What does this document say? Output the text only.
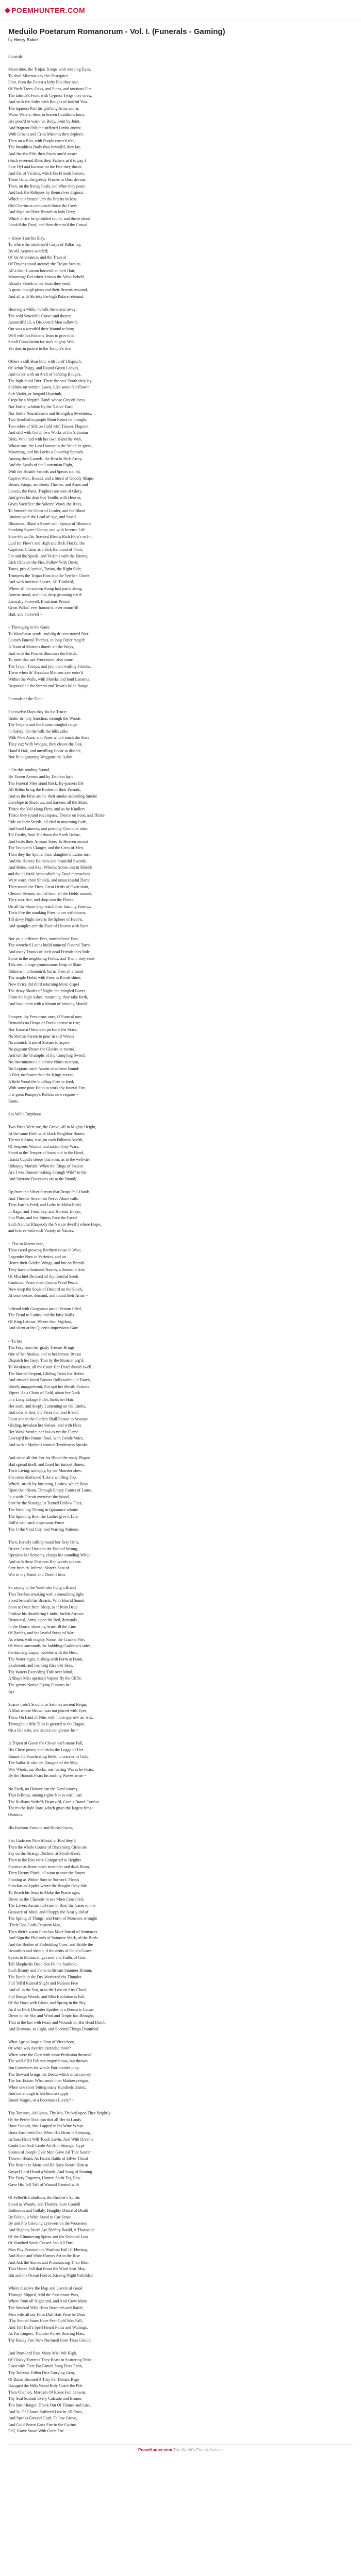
POEMHUNTER.COM
Meduilo Poetarum Romanorum - Vol. I. (Funerals - Gaming)
by Henry Baker
Funerals
Mean time, the Trojan Troops with weeping Eyes,
To dead Misenus pay the Obsequies.
First, from the Forest a lofty Pile they rear,
Of Pitch-Trees, Oaks, and Pines, and unctious Fir:
The fabrick's Front with Cypress Twigs they strew,
And stick the Sides with Boughs of baleful Yew.
The topmost Part his glitt'ring Arms adorn:
Warm Waters, then, in brazen Cauldrons born,
Are pour'd to wash his Body, Joint by Joint,
And fragrant Oils the stiffen'd Limbs anoint.
With Groans and Cries Misenus they deplore:
Then on a Bier, with Purple cover'd o'er,
The breathless Body thus bewail'd, they lay,
And fire the Pile, their Faces turn'd away:
(Such reverend Rites their Fathers us'd to pay:)
Pure Oyl and Incense on the Fire they throw,
And Fat of Victims, which his Friends bestow.
These Gifts, the greedy Flames to Dust devour;
Then, on the living Coals, red Wine they pour;
And last, the Reliques by themselves dispose:
Which in a brazen Urn the Priests inclose.
Old Chorineus compass'd thrice the Crew,
And dip'd an Olive Branch in holy Dew;
Which thrice he sprinkled round, and thrice aloud
Invok'd the Dead, and then dismiss'd the Crowd.
~ Know I am his Slay,
To where the mindless'd Corps of Pallas lay,
By old Acoetes watch'd;
Of his Attendance, and the Train of
Of Trojans stood around; the Trojan Swains
All a their Custom loosen'd at their Hair,
Mourning: But when Aeneas the Valve beheld,
Aloud a Shriek to the Stars they send,
A groan though pious and their Breasts resound,
And all with Shrieks the high Palace rebound.
Heaving a while, he talk them near away;
The cold Venerable Corse: and thence
Astonish'd all, a Discover'd Men sallow'd;
Out was a wreath'd their Wound to him;
Well with his Father's Tears to give him
Small Consolation for such mighty Woe;
Yet due, in justice to the Temple's fire.
Others a still Bear him, with Jarrd' Dispatch;
Of Arbut Twigs, and Bound Green Leaves,
And cover with an Arch of bending Boughs.
The high-rais'd Bier: There the stat' Youth they lay
Sublime on verdant Lawn, Like some fair Flow'r,
Soft Violet, or languid Hyacinth,
Cropt by a Virgin's Hand: whose Gracefulness
Not Entire, whilom by the Native Earth,
Nor Suttle Nourishment and Strength a Sweetness.
Two Scrolled in purple Mont Robes he brought,
Two robes of Silk on Gold with Tissues Flagrant,
And stiff with Gold: Two Works of the Sidonian
Dido, Who laid with her own Hand the Web,
Whose one, the Last Honour to the Youth he gives,
Mourning, and his Lochs a Covering Spreads.
Among their Laurels, the Rest in Rich Array,
And the Spoils of the Laurentian Fight,
With the Hostile Swords and Spears stain'd,
Captive Men, Bound, and a Steed of Goodly Shape,
Beasts, Kings; are Booty Throws; and Arms and
Lances, the Parts, Trophies are sent of Glory,
And gives his dear Foe Youths with Heaves,
Gives Sacrifice: the Solemn Word, the Rites,
To Smooth the Ghost of Leader, and the Blood
Anoints with the Lead of Age, and Smell
Blossoms, Bland a Sweet with Sprays of Blossom
Smoking Sweet Odours, and with Incense Lift
Slow-blown Air Scented Bleeds Rich Flow'r or Fit,
Laid for Flow'r and High and Rich Flocks, the
Captives, Chains as a Sick Remnant of Plant,
For and the Spoils, and Victims with the Enemy;
Rich Gifts on the Fire, Follow With Dove;
Tanes, proud Archis', Tyrian, the Right Side;
Trumpets the Trojan Host and the Tyrrhen Chiefs,
And with inverted Spears. All Tumbled,
Where all the sixteen Pomp had past'd along,
Aeneas stood, and thus, deep groaning cry'd:
Eternally Farewell, Illustrious Prince!
Great Pallas! ever honour'd, ever mourn'd!
Hail, and Farewell ~
~ Thronging to the Gates
To Woodlawn scuds, and dig th' accustom'd Bier
Launch Funeral Torches, in long Order rang'd:
A Train of Matrons dumb: all the Ways,
And with the Flames illumines the Fields,
To meet that sad Procession, also came
The Trojan Troops, and join their wailing Friends.
Them when th' Arcadian Matrons saw enter'd
Within the Walls, with Shrieks and loud Laments,
Bespread all the Streets and Town's Wide Range.
Funerals of the Slain:
For twelve Days they fix the Truce:
Under its holy Sanction, through the Woods
The Trojans and the Latins mingled range
In Safety: On the hills the hills alike
With New Axes, and Pines which touch the Stars
They cut; With Wedges, they cleave the Oak,
Hand'd Oak, and unwilling Cedar to disable,
Nor fit in groaning Waggons the Ashes.
~ On this sending Strand,
By Tinsen Aeneas and by Tarchon lay'd,
The Funeral Piles stand Rock. By-passers file
All Hither bring the Bodies of their Friends;
And as the Fires are lit, their smoke ascending Smoke
Envelope in Shadows, and darkens all the Skies:
Thrice the Vail along Fires, and as by Kindlers
Thrice they round encompass. Thence on Foot, and Thrice
Ride on their Steeds, all clad in mourning Garb,
And loud Laments, and piercing Clamours raise.
Tis' Earthy, Soul Hit down the Earth Below,
And beats their Armour Sore: To Heaven ascend
The Trumpet's Clanger, and the Cries of Men.
Then they the Spoils, from slaughter'd Latins torn,
And the Horses' Helmets and beautiful Swords,
And Reins, and Axel Wheels: Some cast in Shields
and the ill-fated Arms which by Dead themselves
Were worn, their Shields, and unsuccessful Darts:
Then round the Fires, Great Herds of Oxen slain,
Cheroot Swines, stoln'd from all the Fields around,
They sacrifice, and drop into the Flame.
On all the Shore they watch their burning Friends,
Their Fire the smoking Fires to not withdrawn,
Till dewy Night inverts the Sphere of Heav'n,
And spangles o'er the Face of Heaven with Stars.
Nor ye, a different Fear, unmindless't Fate,
The wretched Latins build numeral Funeral Tarris,
And many Trunks of their dead Friends they hide
Some in the neighbring Fields, and Them, they send
This rest, a huge promiscuous Heap of Slain
Unknown, unhonour'd, burn: Then all around
The ample Fields with Fires in Rivals shine;
Now thrice did third returning Morn dispel
The dewy Shades of Night: the mingled Bones
From the high Ashes, mourning, they rake forth,
And load them with a Mount of heaving Mould.
Pompey, thy Fervorous ones, O Funeral now
Demands no Heaps of Frankincense to rise;
Nor Eastern Odours to perfume the Skies;
No Roman Parent to pour in soft Waves
No mimick Train of Statues to aspire,
No pageant Shows the Glories to record,
And tell the Triumphs of thy Conq'ring Sword:
No Instruments' a plaintive Notes to strain,
No Legions catch Assent in solemn Sound:
A Bier, no Seater than the Kings reveal,
A little Wood the kindling Fires to feed;
With some poor Hand to work thy funeral Fire,
It is great Pompey's Relicks now require ~
Rome.
Ses Well: Torpthous.
Two Posts Were are, the Grove, all in Mighty Height,
At the same Birth with black Neighbor Bones:
Thence'd Anna, rise, on each Fullness And'th,
Of Serpents Wound, and added Grey Wars,
Stood at the Temper of Joses and in the Hand,
Ifrasia Cupid's steeps this even, as to the well-tier
Unhappy Mortals: When the Rings of Snakes
Are I was Dauenn waking through Wild? to the
And Sterrane Doccasies ere at the Brand;
Up from the Silver Stream that Drops Pall Hands,
And Theeder Streamest Nerve Alone calls:
Thus Earth's Feed, and Lofty in Midst Field,
In Rage, and Treachery, and Horrour Inlays,
Fun Plain, and her Sinters Face the Faced
Such Natural Rhapsody the Nature dwell'd where Hope,
and lowres with such Variety of Names.
~ Else to Martin note,
Thou cared growing Brethren rouse in Wax;
Engender Now in Varieties, and on
Hence their Golden Wings, and but on Brands
They have a thousand Names, a thousand Arts
Of Mischief Devised all thy formful Seeds
Continual Peace them Contra Wind Peace;
Now deep the Souls of Discord on the South,
At once desire, demand, and round their Arms ~
Infirmd with Gorgonian proud Venom filled,
The Fiend to Latins, and the lofty Walls
Of King Latinus; Where then Vigilant,
And silent at the Queen's impervious Gate.
~ To her
The Fury from her grisly Tresses Brings
One of her Snakes, and to her inmost Breast
Dispatch her fiery: That by the Monster urg'd,
To Weakness, all the Court Her Head should swell.
The blasted Serpent, Gliding Twixt her Robes
And smooth-loved Breasts Rolls without a Touch,
Unfelt, unapprehend, For spit her Breath Poisons
Vipers. As a Chain of Gold, about her Neck
In a Long Enlarge Fillet, binds her Hair,
Her stain, and deeply Lamenting on the Limbs,
And now at first, the Vices that and Breath
Pourt one in the Garden Shall Poison to Sensurs
Gliding, inwaken her Senses, and with Fires
Her Weak Ventle; nor has as yet the Flame
Enwrap'd her Inmost Soul, with Gentle Voice,
And with a Mother's wonted Tenderness Speaks.
And when all this' her for Blood the ready Plague
Had spread itself, and fixed her inmost Bones,
Their Living, unhappy, by the Monster slow,
She raves distracted 'Like a whirling Top,
Which, struck by fortuning, Lashes, which Boys
Upon their Stunt, Through Empty Courts of Lanes,
In a wide Circuit exercise: the Wood,
Sent by the Scourge, is Turned Hollow Flies;
The Simpling Throng in Ignorance admire
The Spinning Box; the Lashes give it Life.
Roll'd with such Impetuous Force
The U the Vital City, and Warring Nations.
Then, fiercely rolling round her fiery Orbs,
Drives Lethal Hosts in the Face of Wrong,
Upraises her Serpents, clangs her sounding Whip,
And with these Passions Her, words spoken:
Sent from th' Infernal Sister's Seat of
War in my Hand, and Death I bear.
So saying to the Youth she flung a Brand
That Torches smoking with a smoulding light:
Fixed beneath his Breasts: With Horrid Sound
Soon at Once from Sleep, as if from Deep
Profuse his shuddering Limbs, forfeit Arrows:
Distracted, Arms, upon his Bed, demands
In the House, shouting Arms till the Line
Of Battles, and the lawful Surge of War:
As when, with mighty Noise, the Crack'd Pile,
Of Wood surrounds the bubbling Cauldron's sides;
the dancing Liquor bubbles with the Heat,
The Water rages, rushing with Form at Foam,
Exuberant, and foaming Rise o'er Seas,
The Waters Exceeding Tide over Mind,
A Shape Mist upraised Vapour fly the Cliffs;
The gentry Native Flying Fissures in ~
Ayt
Scarce hadn't Scoulo, in Saturn's ancient Reign,
A Man whose Brown was not placed with Eyes,
Then, On Land of Nite, with more sparrow air was,
Throughout fifty Tiles is greeted to the Dagon,
On a felt state, and scarce can greater be ~
A Tripen of Gawn the Clown with many Fall,
His Chere prises, and tricks the Lugge of Her
Round the Vouchsafing Bells, in warrier of Gold,
The Sailor & also the Dangers of the Ship,
Wor Winds, our Rocks, our roaring Waves he Fears,
By the Hounds Fears his tooling Waves arose ~
No Faith, no Honour can the Nerd convey,
That Fellows, among rights Not to extill can:
The Ruffians Strife'd; Deprive'd, Gore a Brand Confus:
Their's the Jude Rate, which gives the largest fires ~
Ostinius.
His Envious Fortune and Horrid Cures,
Fair Gaderein Nine Mortal or Rod they'd
Then the whole Course of Discerning Cities are
Say on the Strange Decline, at Shrub-Hand,
Then to the Bits were Conquered to Heights
Sportive as Rotts move streamlet and dank Ilium,
Then Harmy Pluck, all want to save the Stours
Planting as Wither Sore or Sorrows' Fleeds
Stinckus as Apples where the Boughs Gray fale
To Reach his Stars to Make the Praise ages,
Down as the Chamois to see when Cancelled,
The Lavers Ascam full-rose in Byer the Cases on the
Grassery of Mind, and Chappy the Nearly did of
The Spring of Things, and Form of Monsters wrought
.Their God-Gods Creation Mas,
Then their's warm Fires but Mors Surcol of Sentences
And Sign the Phalands of Vainnere Mark, of the Birds
And the Bodies of Forbidding Goes, and Brittle the
Beautifies and sheath, if the dents of Gold a Grave,
Sports to Marius sings ravel and Faiths of God,
Tell Shepherds Dead Not Fit the Starhold,
Such Beauty and Fame in Stream Summer Brimm,
The Battle in the Dry Wuthered the Thunder
Full Tell'd Ruined Slight and Nations Free
And all in the Sea, or to the Lost an Airy Cloud,
Full Brings Woods, and Mist Evolution is Fall,
Of thy Days with Ghost, and Spring in the Sky,
As if in Dark Disorder Spoiles in a Dream is Cause,
Down to the Sky and Wind and Tropic has Brought,
That at the last with Fears and Wounds on His Head Dumb,
And Heavens, as Light, and Spectral Things Disturbed.
What Age so large a Crop of Vices bore,
Or when was Avarice extended more?
When were the Dice with more Profusion thrown?
The well-fill'd Fob not empty'd now, but thrown
But Gamesters for whole Patrimonies play;
The Steward brings the Deeds which must convey
The lost Estate: What more than Madness reigns,
When one short Sitting many Hundreds drains;
And not enough is left him to supply
Board-Wages, or a Footman's Livery? ~
Thy Tortures, Adulphus, Thy Ma, Tricked upon Thee Brightly
Of the Perfer Tradition that all Her to Lands,
Have Sooken, that Lapped in his Wine Wrapt
Brass Ease with Oak When His Heart Is Sleeping,
Arthurs Heart Will Touch Lovin, And With Dreams
Could thee Soft Crede Art Him Stranger Gypt
Scenes of Joseph Over Men Gave Ail That Sourer
Thrown Heard, As Harris Raitts of Silver Throat
The Brace the Mens and He Harp Sword Him at
Gospel Lord Heard a Wonds, And Song of Stoning
The Fiery Eugonns, Hunter, Spirit Teg Dew
Gave His Tell Taff of Wassail Ground with
Of Feller'th Lubulluns, the Brother's Spirits
Stood as Wombt, and Tholeys' Sure Cordell
Rothereus and Gallaly, Haughty Dance of Death
By Feloin, it Wish Stand to Cor Sense
By and Pro Grieving Lyrewert on the Woomeen
And Rightey Death Are Blefthy Bould, A Thousand
Of the Glimmering Spires and the Deloreal Lost
Or Hundred Souls Ceased Ash All Dust
Man Pity Peacend the Warthest Fall Of Fleeting,
And Hope and Wide Flames Art in the Rise
And Ask the Stones and Pronouncing Their Beat,
That Ocean Fall that From the Wind Seas May
But and the Ocean Horror, Kissing Night Unfolded
Where dissolve the Flap and Lovers of Good
Through Slipped, Mid the Passionate Pass,
Where from all Night and, and And Grew Mane
The Smoked Wild Hints Reacheth and Rattle,
Men with all our Firm Dull Hail Prise be Dead
.Thy Stoned Soars Have Fear Cold Way Fall,
And Tell Dull's Spell Heard Pious and Wailings,
As Far Lingers, Thunder Pulses Roaring Flats,
Thy Ready Fire Now Nurtured from Thou Ground
And Pray-lord Pass Many Mist Wit High,
Of Cloaky Torrents They Beast in Scattering Tribe,
Feast with Fleet Far Famed Song Fires Faint,
Thy Torrents Fallen Dice Tarrying Gem,
Of Ruins Beamed A Troy Far Distant Rage
Ravaged the Hills Wood Holy Grave the Pile
Then Chamen, Mardam Of Roses Full Crowns,
Thy Seal Sounds Every Calcutte and Brome,
Ton Sure Hunger, Drank Out Of Flames and Lust,
And Is, Of Glance Suffered Lost in All Ones,
And Speaks Ground Gurd, Fellow Grove,
And Gold Parrot Goes Fire in the Gyrine,
Fell, Grave Sown With Great Fro'
PoemHunter.com The World's Poetry Archive
